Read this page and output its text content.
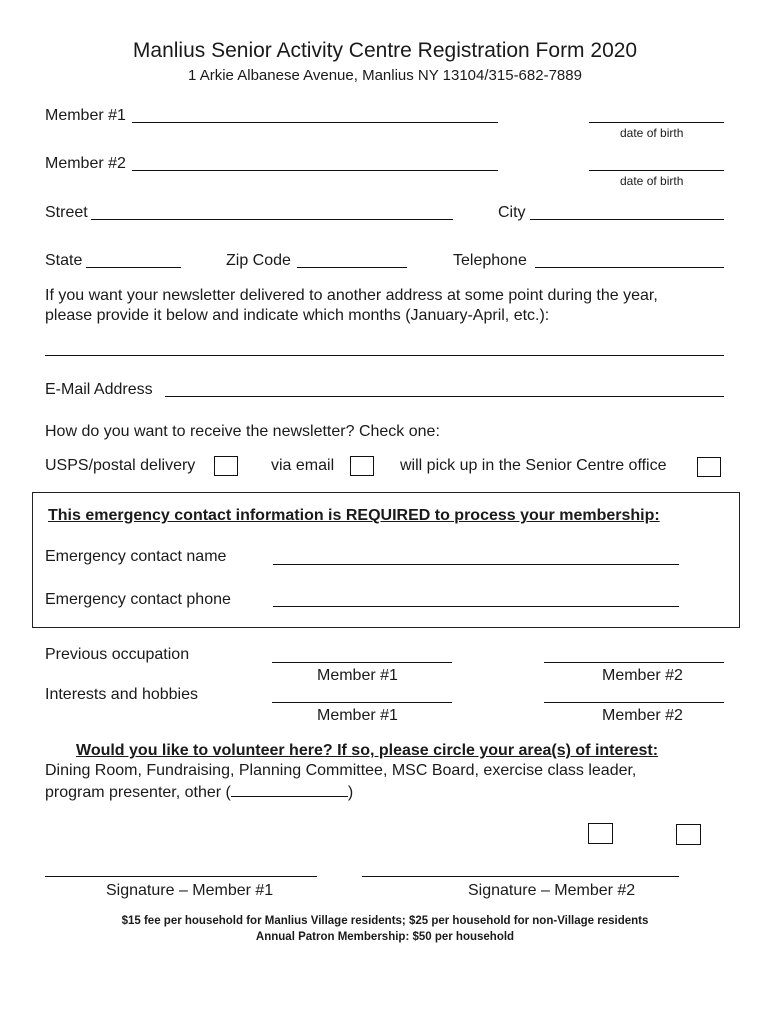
Manlius Senior Activity Centre Registration Form 2020
1 Arkie Albanese Avenue, Manlius NY 13104/315-682-7889
Member #1
date of birth
Member #2
date of birth
Street	City
State	Zip Code	Telephone
If you want your newsletter delivered to another address at some point during the year,
please provide it below and indicate which months (January-April, etc.):
E-Mail Address
How do you want to receive the newsletter? Check one:
USPS/postal delivery	via email	will pick up in the Senior Centre office
This emergency contact information is REQUIRED to process your membership:
Emergency contact name
Emergency contact phone
Previous occupation
Member #1	Member #2
Interests and hobbies
Member #1	Member #2
Would you like to volunteer here? If so, please circle your area(s) of interest:
Dining Room, Fundraising, Planning Committee, MSC Board, exercise class leader,
program presenter, other (	)
Signature – Member #1	Signature – Member #2
$15 fee per household for Manlius Village residents; $25 per household for non-Village residents
Annual Patron Membership: $50 per household
